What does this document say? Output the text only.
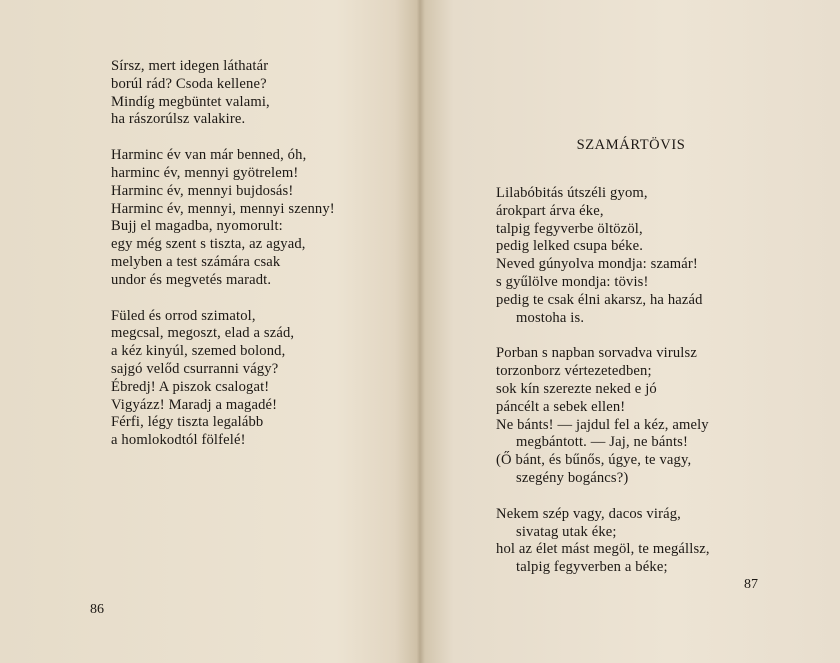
Sírsz, mert idegen láthatár
borúl rád? Csoda kellene?
Mindíg megbüntet valami,
ha rászorúlsz valakire.
Harminc év van már benned, óh,
harminc év, mennyi gyötrelem!
Harminc év, mennyi bujdosás!
Harminc év, mennyi, mennyi szenny!
Bujj el magadba, nyomorult:
egy még szent s tiszta, az agyad,
melyben a test számára csak
undor és megvetés maradt.
Füled és orrod szimatol,
megcsal, megoszt, elad a szád,
a kéz kinyúl, szemed bolond,
sajgó velőd csurranni vágy?
Ébredj! A piszok csalogat!
Vigyázz! Maradj a magadé!
Férfi, légy tiszta legalább
a homlokodtól fölfelé!
86
SZAMÁRTÖVIS
Lilabóbitás útszéli gyom,
árokpart árva éke,
talpig fegyverbe öltözöl,
pedig lelked csupa béke.
Neved gúnyolva mondja: szamár!
s gyűlölve mondja: tövis!
pedig te csak élni akarsz, ha hazád
mostoha is.
Porban s napban sorvadva virulsz
torzonborz vértezetedben;
sok kín szerezte neked e jó
páncélt a sebek ellen!
Ne bánts! — jajdul fel a kéz, amely
megbántott. — Jaj, ne bánts!
(Ő bánt, és bűnős, úgye, te vagy,
szegény bogáncs?)
Nekem szép vagy, dacos virág,
sivatag utak éke;
hol az élet mást megöl, te megállsz,
talpig fegyverben a béke;
87
